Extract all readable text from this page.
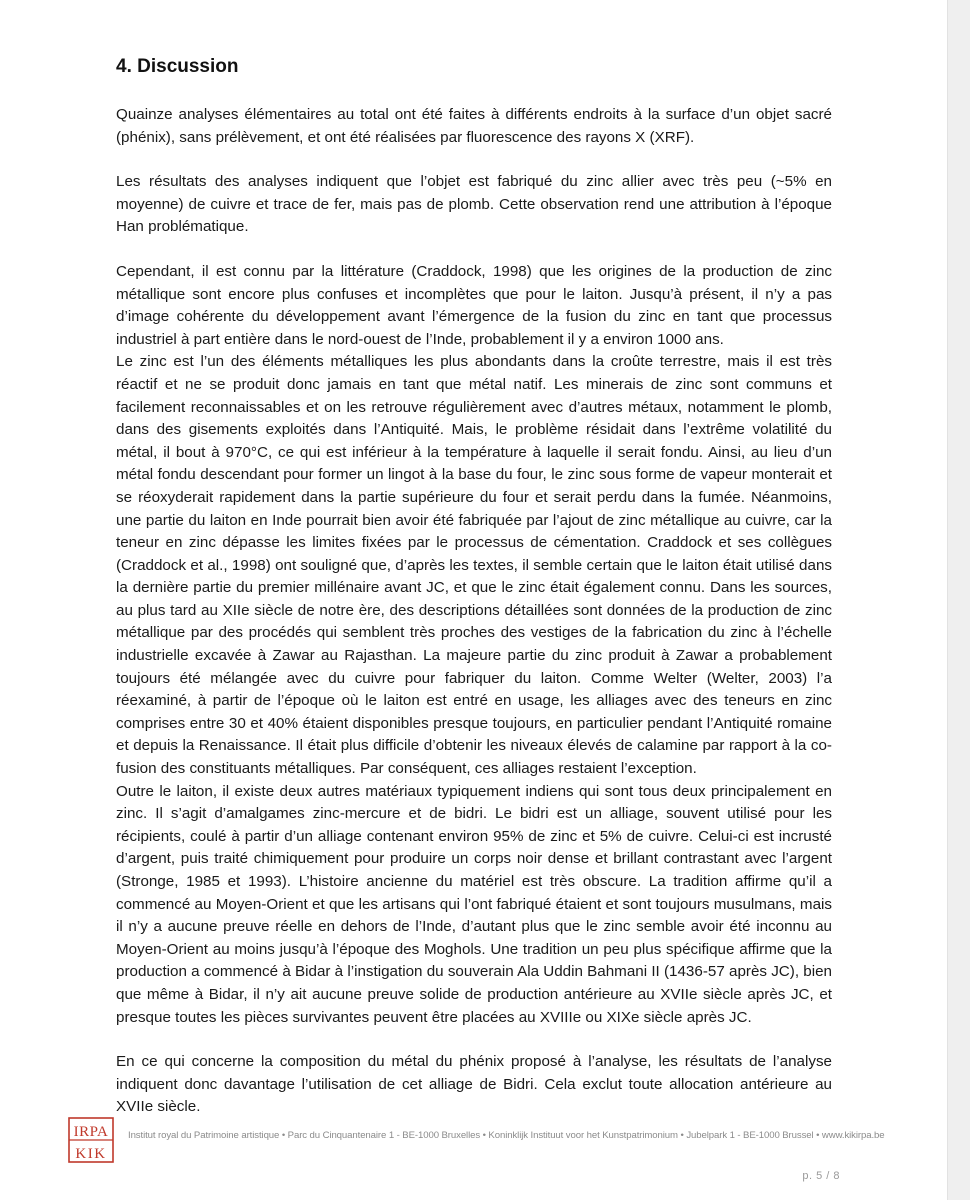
4. Discussion

Quainze analyses élémentaires au total ont été faites à différents endroits à la surface d’un objet sacré (phénix), sans prélèvement, et ont été réalisées par fluorescence des rayons X (XRF).

Les résultats des analyses indiquent que l’objet est fabriqué du zinc allier avec très peu (~5% en moyenne) de cuivre et trace de fer, mais pas de plomb. Cette observation rend une attribution à l’époque Han problématique.

Cependant, il est connu par la littérature (Craddock, 1998) que les origines de la production de zinc métallique sont encore plus confuses et incomplètes que pour le laiton. Jusqu’à présent, il n’y a pas d’image cohérente du développement avant l’émergence de la fusion du zinc en tant que processus industriel à part entière dans le nord-ouest de l’Inde, probablement il y a environ 1000 ans.

Le zinc est l’un des éléments métalliques les plus abondants dans la croûte terrestre, mais il est très réactif et ne se produit donc jamais en tant que métal natif. Les minerais de zinc sont communs et facilement reconnaissables et on les retrouve régulièrement avec d’autres métaux, notamment le plomb, dans des gisements exploités dans l’Antiquité. Mais, le problème résidait dans l’extrême volatilité du métal, il bout à 970°C, ce qui est inférieur à la température à laquelle il serait fondu. Ainsi, au lieu d’un métal fondu descendant pour former un lingot à la base du four, le zinc sous forme de vapeur monterait et se réoxyderait rapidement dans la partie supérieure du four et serait perdu dans la fumée. Néanmoins, une partie du laiton en Inde pourrait bien avoir été fabriquée par l’ajout de zinc métallique au cuivre, car la teneur en zinc dépasse les limites fixées par le processus de cémentation. Craddock et ses collègues (Craddock et al., 1998) ont souligné que, d’après les textes, il semble certain que le laiton était utilisé dans la dernière partie du premier millénaire avant JC, et que le zinc était également connu. Dans les sources, au plus tard au XIIe siècle de notre ère, des descriptions détaillées sont données de la production de zinc métallique par des procédés qui semblent très proches des vestiges de la fabrication du zinc à l’échelle industrielle excavée à Zawar au Rajasthan. La majeure partie du zinc produit à Zawar a probablement toujours été mélangée avec du cuivre pour fabriquer du laiton. Comme Welter (Welter, 2003) l’a réexaminé, à partir de l’époque où le laiton est entré en usage, les alliages avec des teneurs en zinc comprises entre 30 et 40% étaient disponibles presque toujours, en particulier pendant l’Antiquité romaine et depuis la Renaissance. Il était plus difficile d’obtenir les niveaux élevés de calamine par rapport à la co-fusion des constituants métalliques. Par conséquent, ces alliages restaient l’exception.

Outre le laiton, il existe deux autres matériaux typiquement indiens qui sont tous deux principalement en zinc. Il s’agit d’amalgames zinc-mercure et de bidri. Le bidri est un alliage, souvent utilisé pour les récipients, coulé à partir d’un alliage contenant environ 95% de zinc et 5% de cuivre. Celui-ci est incrusté d’argent, puis traité chimiquement pour produire un corps noir dense et brillant contrastant avec l’argent (Stronge, 1985 et 1993). L’histoire ancienne du matériel est très obscure. La tradition affirme qu’il a commencé au Moyen-Orient et que les artisans qui l’ont fabriqué étaient et sont toujours musulmans, mais il n’y a aucune preuve réelle en dehors de l’Inde, d’autant plus que le zinc semble avoir été inconnu au Moyen-Orient au moins jusqu’à l’époque des Moghols. Une tradition un peu plus spécifique affirme que la production a commencé à Bidar à l’instigation du souverain Ala Uddin Bahmani II (1436-57 après JC), bien que même à Bidar, il n’y ait aucune preuve solide de production antérieure au XVIIe siècle après JC, et presque toutes les pièces survivantes peuvent être placées au XVIIIe ou XIXe siècle après JC.

En ce qui concerne la composition du métal du phénix proposé à l’analyse, les résultats de l’analyse indiquent donc davantage l’utilisation de cet alliage de Bidri. Cela exclut toute allocation antérieure au XVIIe siècle.

IRPA
KIK
Institut royal du Patrimoine artistique • Parc du Cinquantenaire 1 - BE-1000 Bruxelles • Koninklijk Instituut voor het Kunstpatrimonium • Jubelpark 1 - BE-1000 Brussel • www.kikirpa.be
p. 5 / 8
